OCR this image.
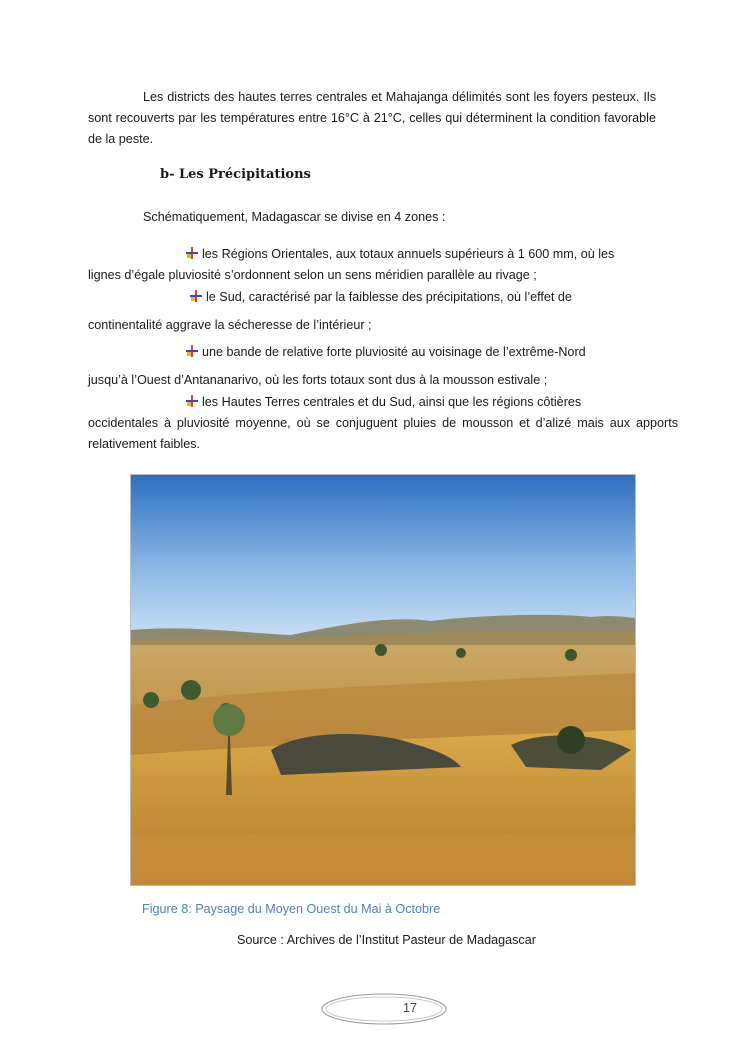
Les districts des hautes terres centrales et Mahajanga délimités sont les foyers pesteux. Ils sont recouverts par les températures entre 16°C à 21°C, celles qui déterminent la condition favorable de la peste.

b- Les Précipitations

Schématiquement, Madagascar se divise en 4 zones :

les Régions Orientales, aux totaux annuels supérieurs à 1 600 mm, où les
lignes d’égale pluviosité s’ordonnent selon un sens méridien parallèle au rivage ;
le Sud, caractérisé par la faiblesse des précipitations, où l’effet de
continentalité aggrave la sécheresse de l’intérieur ;
une bande de relative forte pluviosité au voisinage de l’extrême-Nord
jusqu’à l’Ouest d’Antananarivo, où les forts totaux sont dus à la mousson estivale ;
les Hautes Terres centrales et du Sud, ainsi que les régions côtières

occidentales à pluviosité moyenne, où se conjuguent pluies de mousson et d’alizé mais aux apports relativement faibles.

Figure 8: Paysage du Moyen Ouest du Mai à Octobre
Source : Archives de l’Institut Pasteur de Madagascar
17
